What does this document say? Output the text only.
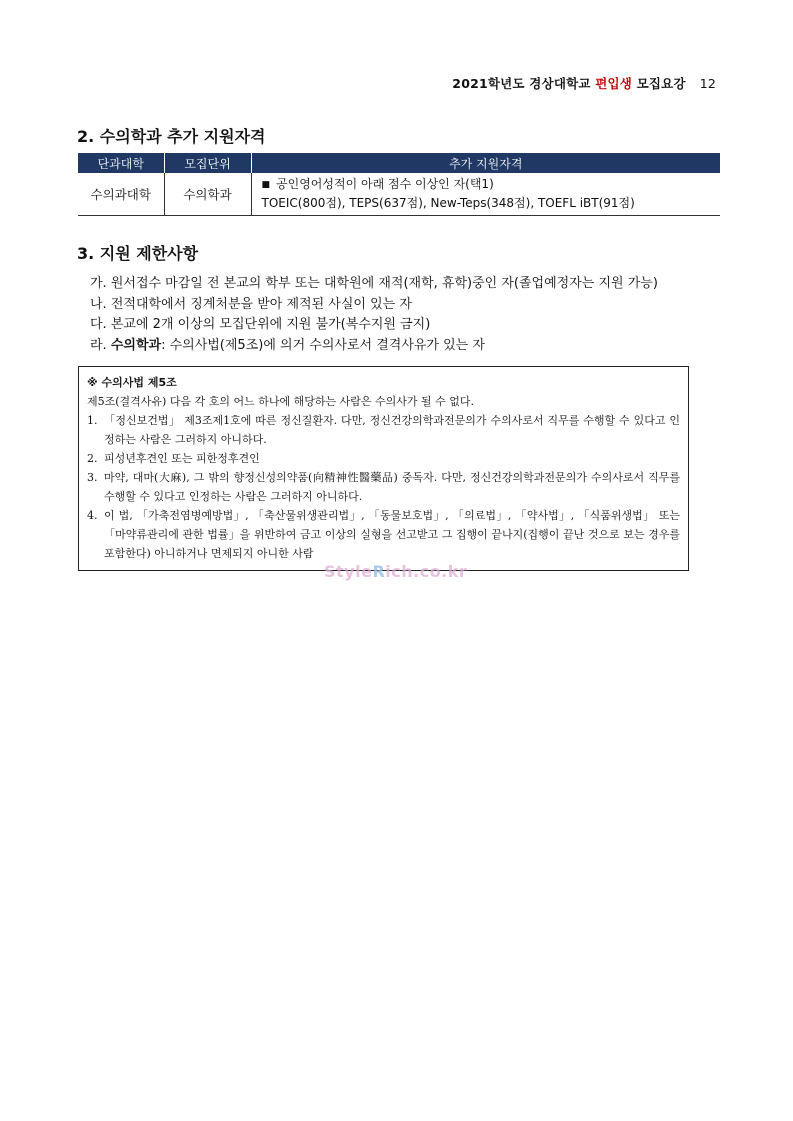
2021학년도 경상대학교 편입생 모집요강 12
2. 수의학과 추가 지원자격
단과대학	모집단위	추가 지원자격
수의과대학	수의학과	■ 공인영어성적이 아래 점수 이상인 자(택1)
TOEIC(800점), TEPS(637점), New-Teps(348점), TOEFL iBT(91점)
3. 지원 제한사항
가. 원서접수 마감일 전 본교의 학부 또는 대학원에 재적(재학, 휴학)중인 자(졸업예정자는 지원 가능)
나. 전적대학에서 징계처분을 받아 제적된 사실이 있는 자
다. 본교에 2개 이상의 모집단위에 지원 불가(복수지원 금지)
라. 수의학과: 수의사법(제5조)에 의거 수의사로서 결격사유가 있는 자
※ 수의사법 제5조
제5조(결격사유) 다음 각 호의 어느 하나에 해당하는 사람은 수의사가 될 수 없다.
1. 「정신보건법」 제3조제1호에 따른 정신질환자. 다만, 정신건강의학과전문의가 수의사로서 직무를 수행할 수 있다고 인정하는 사람은 그러하지 아니하다.
2. 피성년후견인 또는 피한정후견인
3. 마약, 대마(大麻), 그 밖의 향정신성의약품(向精神性醫藥品) 중독자. 다만, 정신건강의학과전문의가 수의사로서 직무를 수행할 수 있다고 인정하는 사람은 그러하지 아니하다.
4. 이 법, 「가축전염병예방법」, 「축산물위생관리법」, 「동물보호법」, 「의료법」, 「약사법」, 「식품위생법」 또는 「마약류관리에 관한 법률」을 위반하여 금고 이상의 실형을 선고받고 그 집행이 끝나지(집행이 끝난 것으로 보는 경우를 포함한다) 아니하거나 면제되지 아니한 사람
StyleRich.co.kr
